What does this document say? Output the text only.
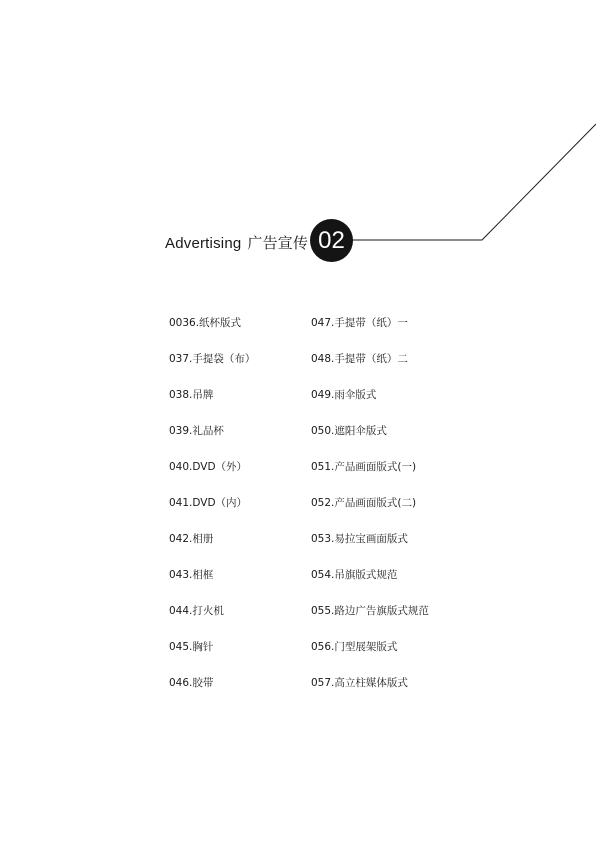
Advertising 广告宣传 02
0036.纸杯版式
037.手提袋（布）
038.吊牌
039.礼品杯
040.DVD（外）
041.DVD（内）
042.相册
043.相框
044.打火机
045.胸针
046.胶带
047.手提带（纸）一
048.手提带（纸）二
049.雨伞版式
050.遮阳伞版式
051.产品画面版式(一)
052.产品画面版式(二)
053.易拉宝画面版式
054.吊旗版式规范
055.路边广告旗版式规范
056.门型展架版式
057.高立柱媒体版式
